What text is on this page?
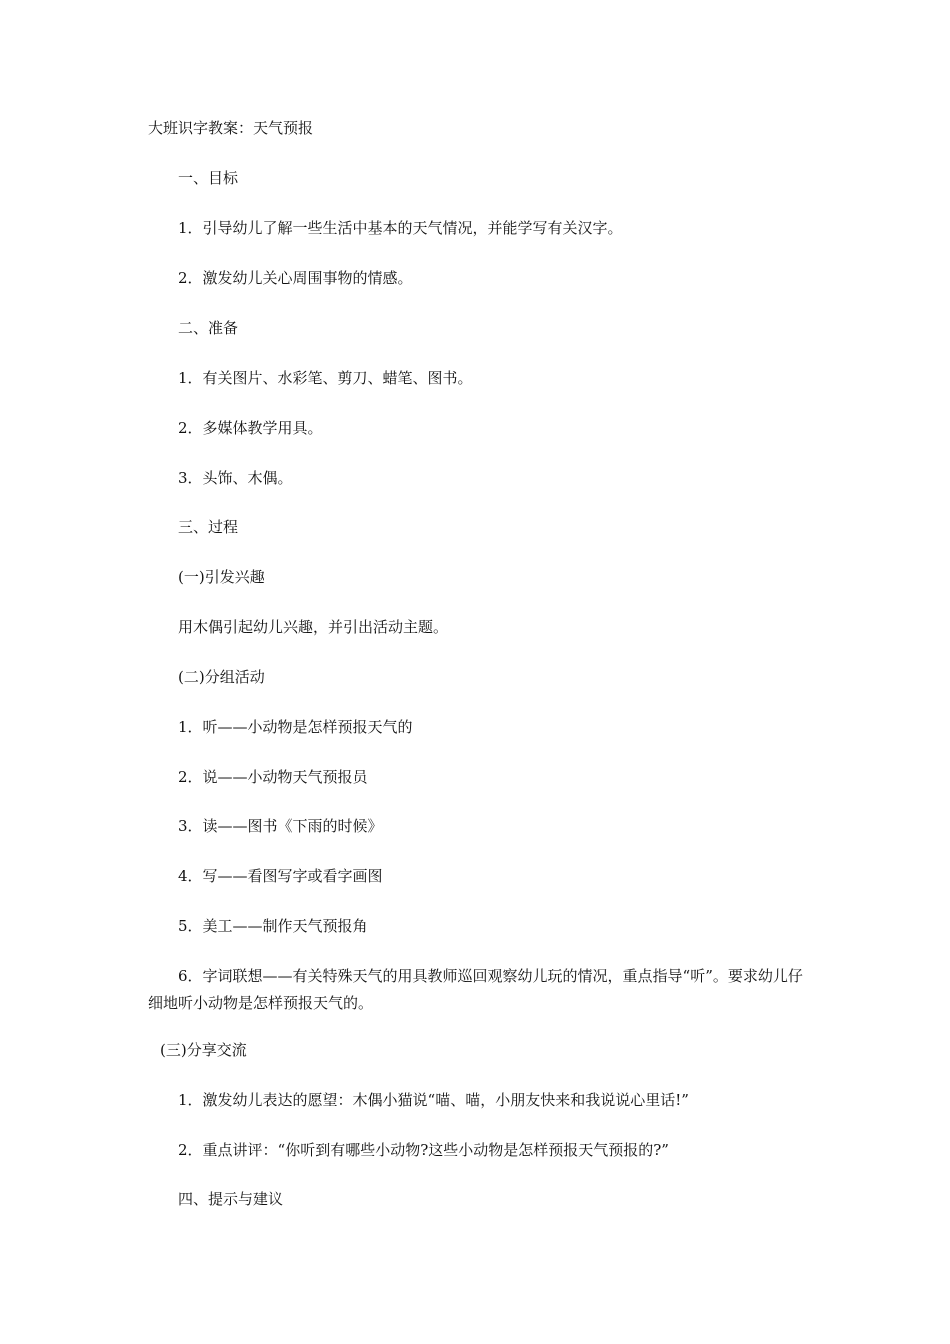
大班识字教案：天气预报
一、目标
1．引导幼儿了解一些生活中基本的天气情况，并能学写有关汉字。
2．激发幼儿关心周围事物的情感。
二、准备
1．有关图片、水彩笔、剪刀、蜡笔、图书。
2．多媒体教学用具。
3．头饰、木偶。
三、过程
(一)引发兴趣
用木偶引起幼儿兴趣，并引出活动主题。
(二)分组活动
1．听——小动物是怎样预报天气的
2．说——小动物天气预报员
3．读——图书《下雨的时候》
4．写——看图写字或看字画图
5．美工——制作天气预报角
6．字词联想——有关特殊天气的用具教师巡回观察幼儿玩的情况，重点指导“听”。要求幼儿仔细地听小动物是怎样预报天气的。
(三)分享交流
1．激发幼儿表达的愿望：木偶小猫说“喵、喵，小朋友快来和我说说心里话!”
2．重点讲评：“你听到有哪些小动物?这些小动物是怎样预报天气预报的?”
四、提示与建议
